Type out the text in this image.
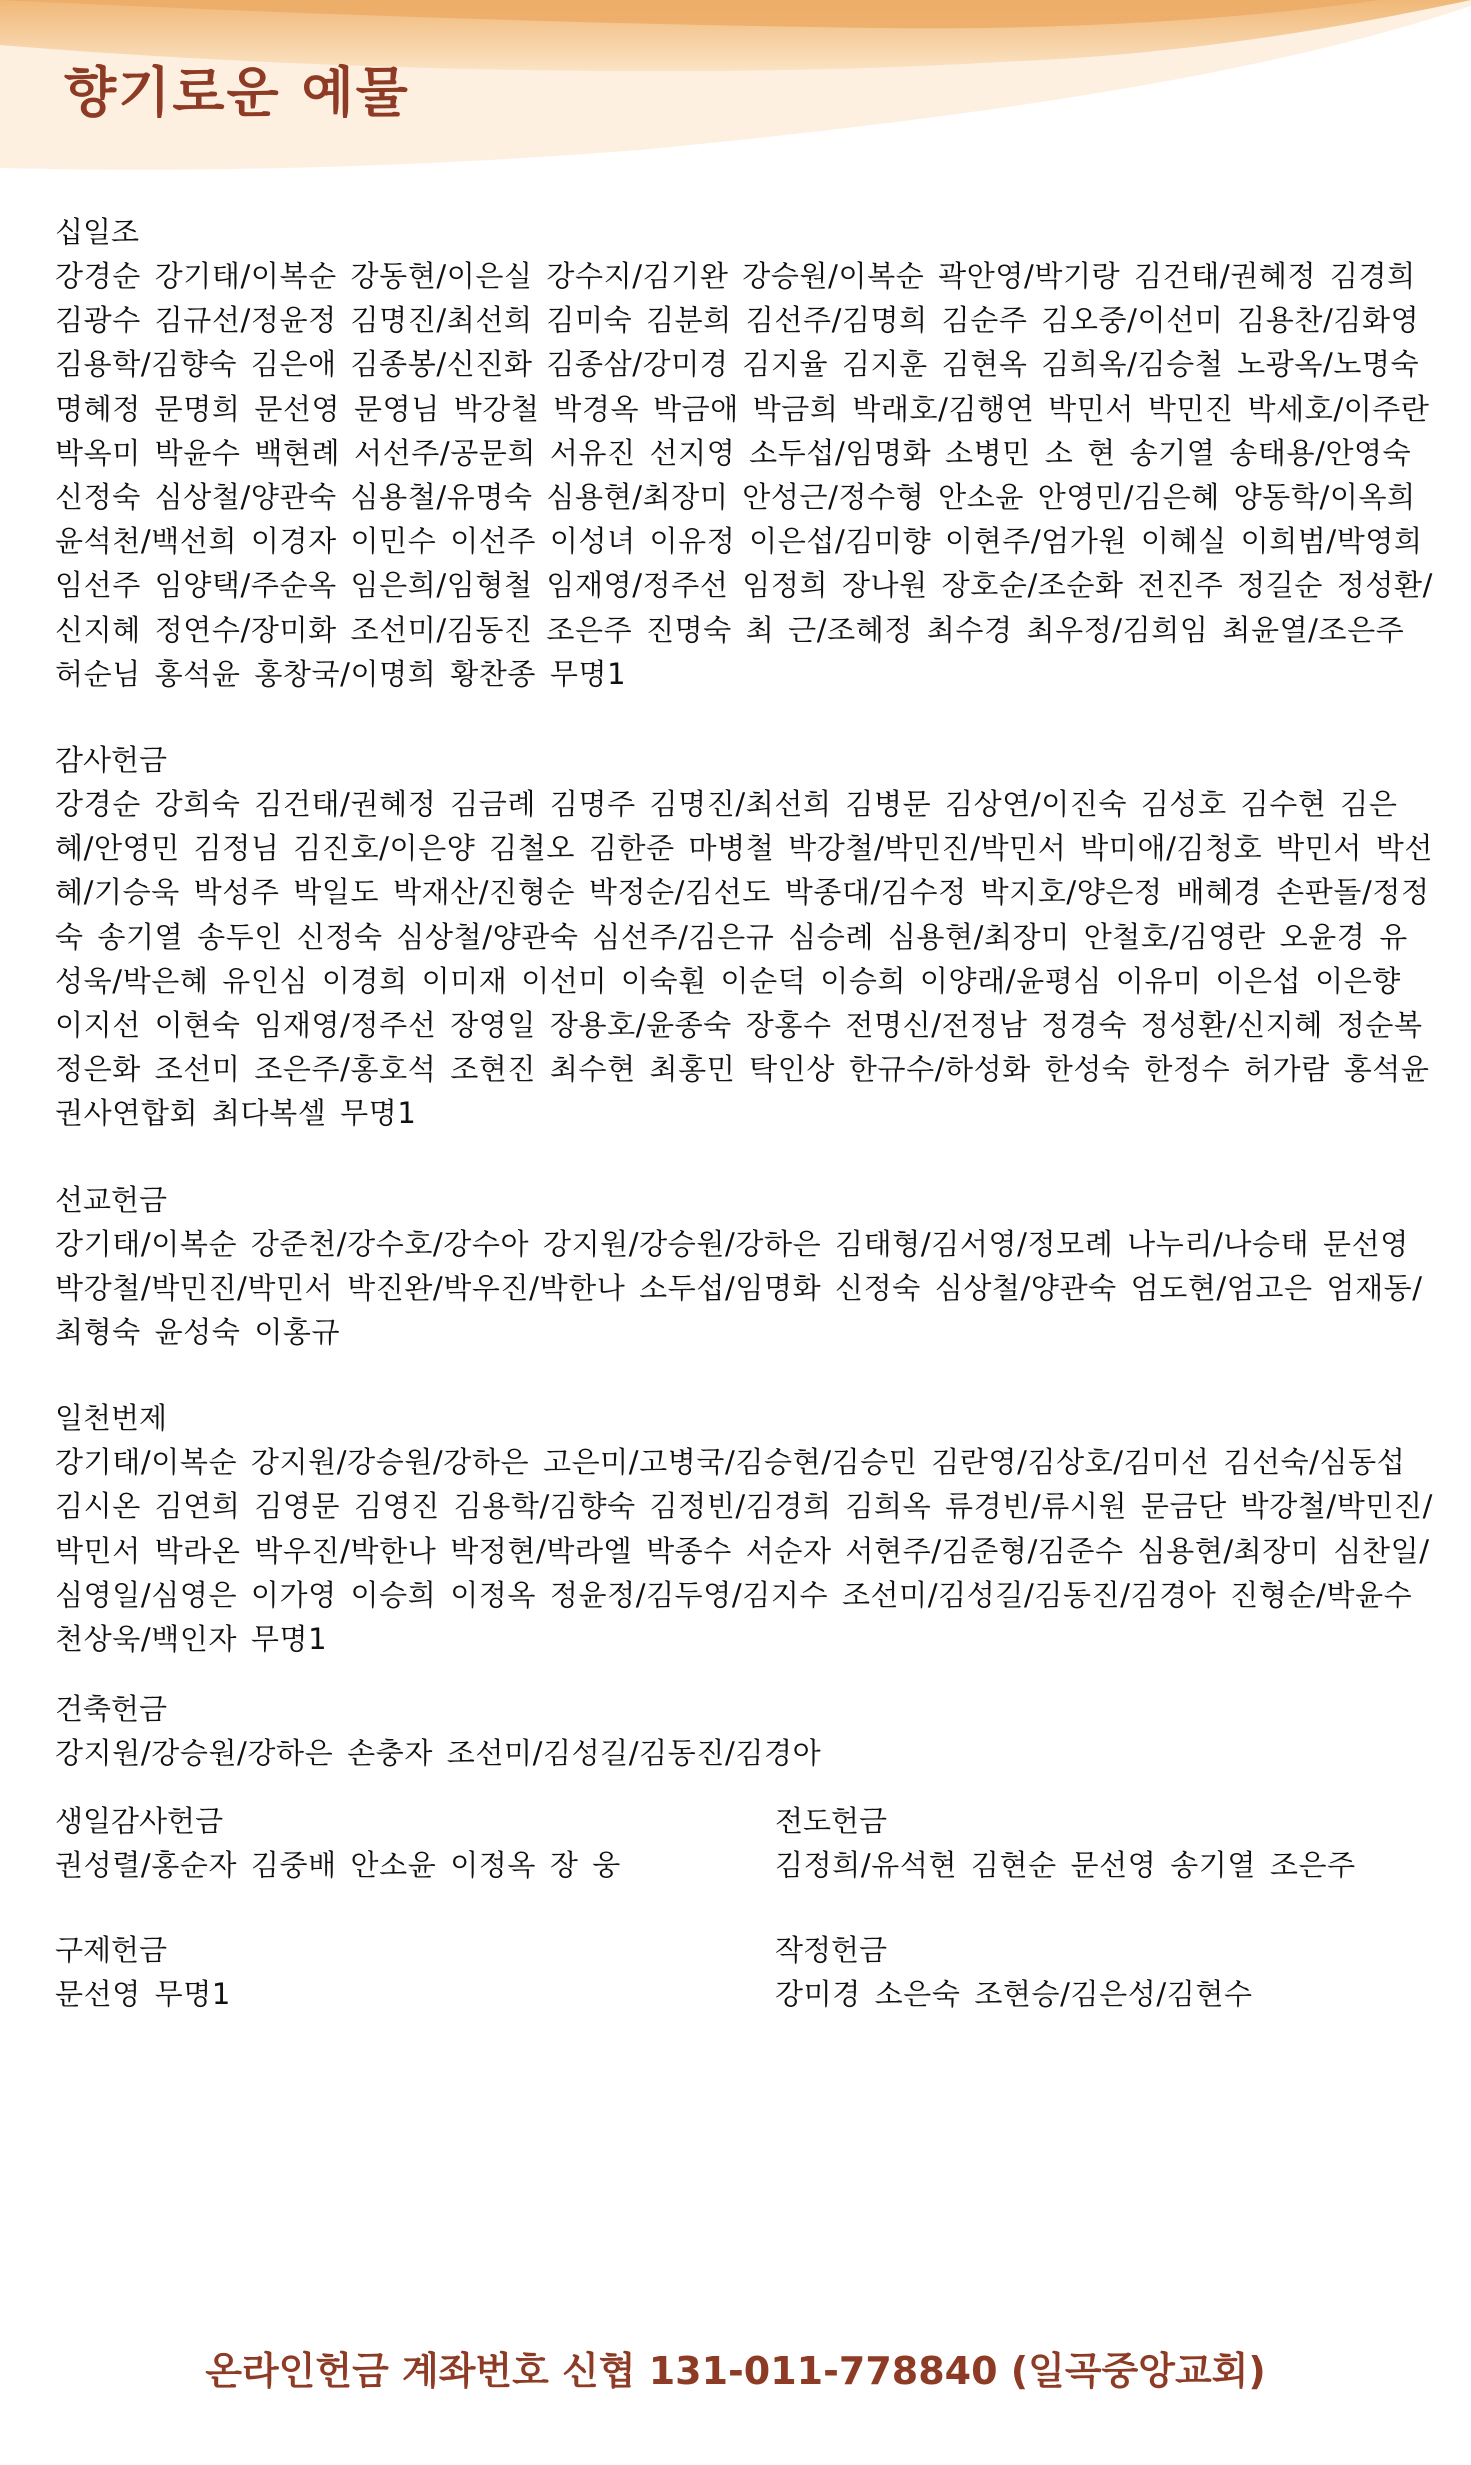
향기로운 예물
십일조

강경순 강기태/이복순 강동현/이은실 강수지/김기완 강승원/이복순 곽안영/박기랑 김건태/권혜정 김경희 김광수 김규선/정윤정 김명진/최선희 김미숙 김분희 김선주/김명희 김순주 김오중/이선미 김용찬/김화영 김용학/김향숙 김은애 김종봉/신진화 김종삼/강미경 김지율 김지훈 김현옥 김희옥/김승철 노광옥/노명숙 명혜정 문명희 문선영 문영님 박강철 박경옥 박금애 박금희 박래호/김행연 박민서 박민진 박세호/이주란 박옥미 박윤수 백현례 서선주/공문희 서유진 선지영 소두섭/임명화 소병민 소 현 송기열 송태용/안영숙 신정숙 심상철/양관숙 심용철/유명숙 심용현/최장미 안성근/정수형 안소윤 안영민/김은혜 양동학/이옥희 윤석천/백선희 이경자 이민수 이선주 이성녀 이유정 이은섭/김미향 이현주/엄가원 이혜실 이희범/박영희 임선주 임양택/주순옥 임은희/임형철 임재영/정주선 임정희 장나원 장호순/조순화 전진주 정길순 정성환/신지혜 정연수/장미화 조선미/김동진 조은주 진명숙 최 근/조혜정 최수경 최우정/김희임 최윤열/조은주 허순님 홍석윤 홍창국/이명희 황찬종 무명1

감사헌금

강경순 강희숙 김건태/권혜정 김금례 김명주 김명진/최선희 김병문 김상연/이진숙 김성호 김수현 김은혜/안영민 김정님 김진호/이은양 김철오 김한준 마병철 박강철/박민진/박민서 박미애/김청호 박민서 박선혜/기승욱 박성주 박일도 박재산/진형순 박정순/김선도 박종대/김수정 박지호/양은정 배혜경 손판돌/정정숙 송기열 송두인 신정숙 심상철/양관숙 심선주/김은규 심승례 심용현/최장미 안철호/김영란 오윤경 유성욱/박은혜 유인심 이경희 이미재 이선미 이숙훤 이순덕 이승희 이양래/윤평심 이유미 이은섭 이은향 이지선 이현숙 임재영/정주선 장영일 장용호/윤종숙 장홍수 전명신/전정남 정경숙 정성환/신지혜 정순복 정은화 조선미 조은주/홍호석 조현진 최수현 최홍민 탁인상 한규수/하성화 한성숙 한정수 허가람 홍석윤 권사연합회 최다복셀 무명1

선교헌금

강기태/이복순 강준천/강수호/강수아 강지원/강승원/강하은 김태형/김서영/정모례 나누리/나승태 문선영 박강철/박민진/박민서 박진완/박우진/박한나 소두섭/임명화 신정숙 심상철/양관숙 엄도현/엄고은 엄재동/최형숙 윤성숙 이홍규

일천번제

강기태/이복순 강지원/강승원/강하은 고은미/고병국/김승현/김승민 김란영/김상호/김미선 김선숙/심동섭 김시온 김연희 김영문 김영진 김용학/김향숙 김정빈/김경희 김희옥 류경빈/류시원 문금단 박강철/박민진/박민서 박라온 박우진/박한나 박정현/박라엘 박종수 서순자 서현주/김준형/김준수 심용현/최장미 심찬일/심영일/심영은 이가영 이승희 이정옥 정윤정/김두영/김지수 조선미/김성길/김동진/김경아 진형순/박윤수 천상욱/백인자 무명1

건축헌금

강지원/강승원/강하은 손충자 조선미/김성길/김동진/김경아

생일감사헌금

권성렬/홍순자 김중배 안소윤 이정옥 장 웅

전도헌금

김정희/유석현 김현순 문선영 송기열 조은주

구제헌금

문선영 무명1

작정헌금

강미경 소은숙 조현승/김은성/김현수

온라인헌금 계좌번호 신협 131-011-778840 (일곡중앙교회)
